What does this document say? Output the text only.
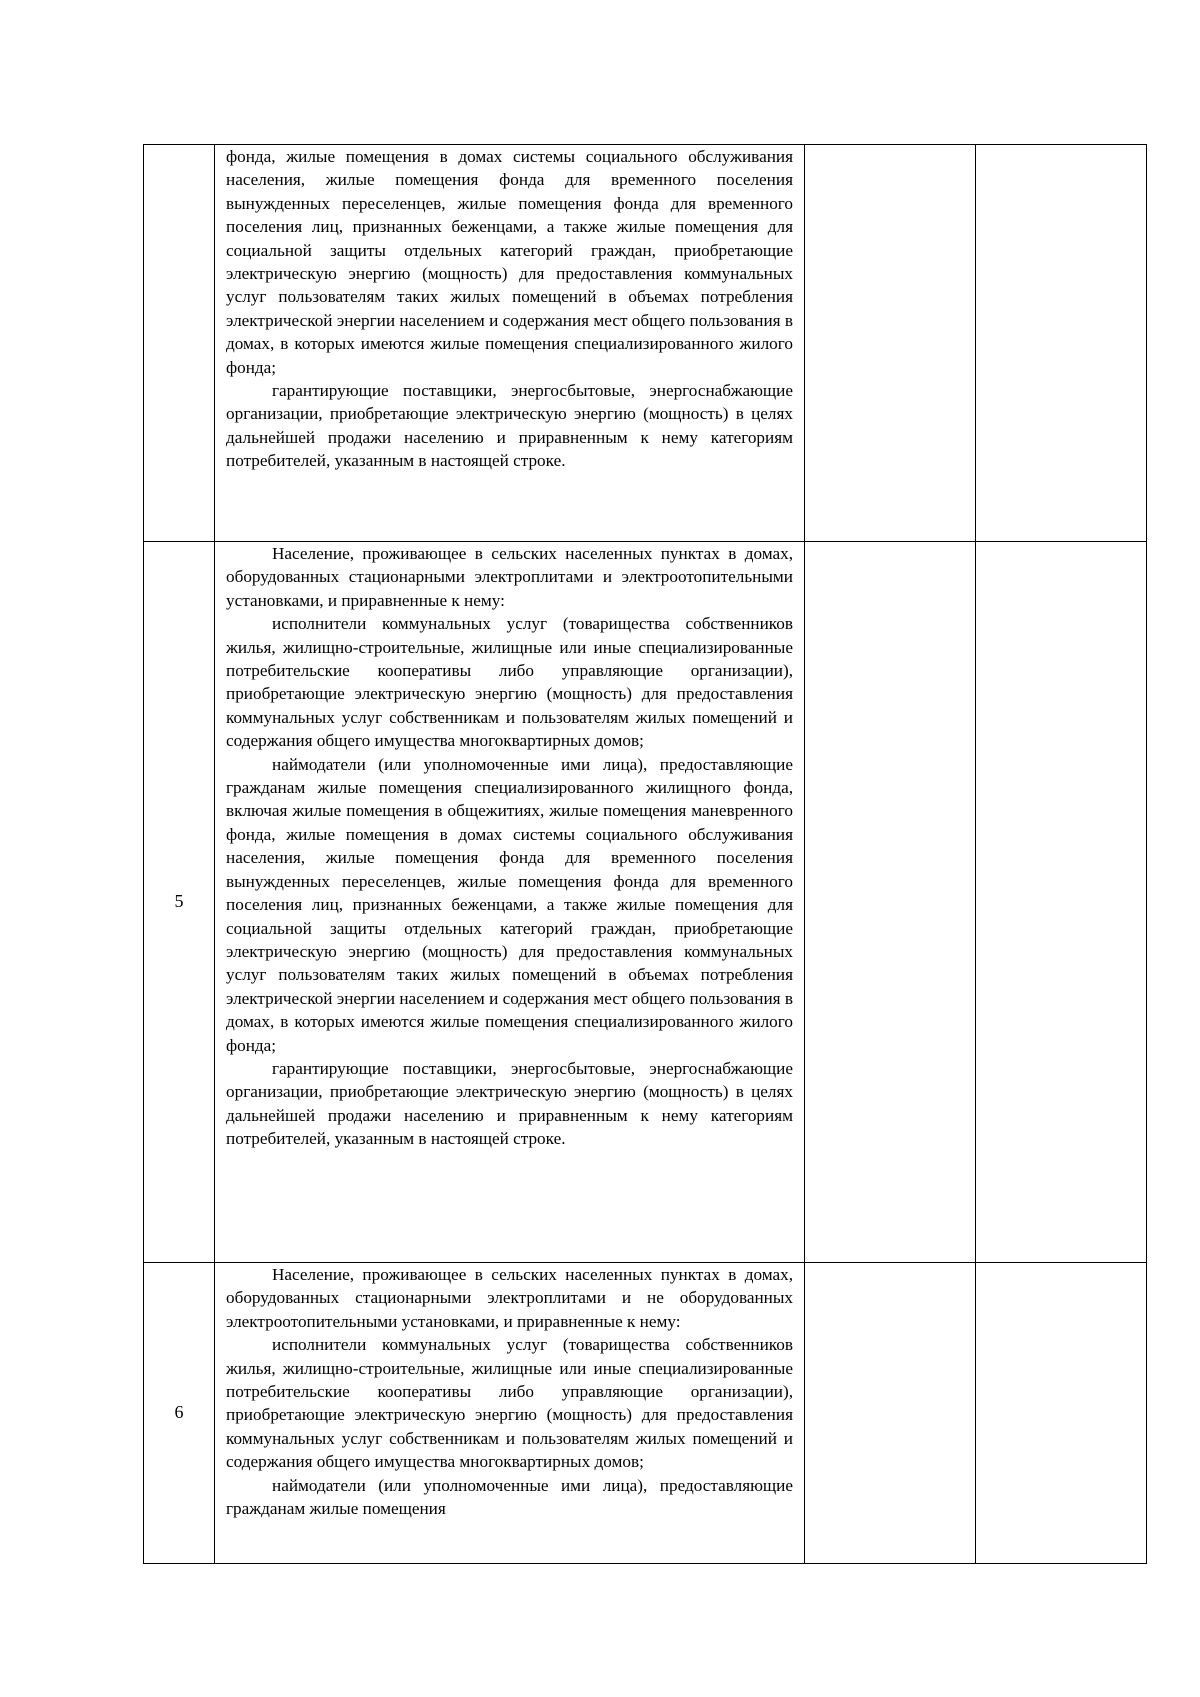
	фонда, жилые помещения в домах системы социального обслуживания населения, жилые помещения фонда для временного поселения вынужденных переселенцев, жилые помещения фонда для временного поселения лиц, признанных беженцами, а также жилые помещения для социальной защиты отдельных категорий граждан, приобретающие электрическую энергию (мощность) для предоставления коммунальных услуг пользователям таких жилых помещений в объемах потребления электрической энергии населением и содержания мест общего пользования в домах, в которых имеются жилые помещения специализированного жилого фонда;

гарантирующие поставщики, энергосбытовые, энергоснабжающие организации, приобретающие электрическую энергию (мощность) в целях дальнейшей продажи населению и приравненным к нему категориям потребителей, указанным в настоящей строке.		

5	Население, проживающее в сельских населенных пунктах в домах, оборудованных стационарными электроплитами и электроотопительными установками, и приравненные к нему:

исполнители коммунальных услуг (товарищества собственников жилья, жилищно-строительные, жилищные или иные специализированные потребительские кооперативы либо управляющие организации), приобретающие электрическую энергию (мощность) для предоставления коммунальных услуг собственникам и пользователям жилых помещений и содержания общего имущества многоквартирных домов;

наймодатели (или уполномоченные ими лица), предоставляющие гражданам жилые помещения специализированного жилищного фонда, включая жилые помещения в общежитиях, жилые помещения маневренного фонда, жилые помещения в домах системы социального обслуживания населения, жилые помещения фонда для временного поселения вынужденных переселенцев, жилые помещения фонда для временного поселения лиц, признанных беженцами, а также жилые помещения для социальной защиты отдельных категорий граждан, приобретающие электрическую энергию (мощность) для предоставления коммунальных услуг пользователям таких жилых помещений в объемах потребления электрической энергии населением и содержания мест общего пользования в домах, в которых имеются жилые помещения специализированного жилого фонда;

гарантирующие поставщики, энергосбытовые, энергоснабжающие организации, приобретающие электрическую энергию (мощность) в целях дальнейшей продажи населению и приравненным к нему категориям потребителей, указанным в настоящей строке.		

6	Население, проживающее в сельских населенных пунктах в домах, оборудованных стационарными электроплитами и не оборудованных электроотопительными установками, и приравненные к нему:

исполнители коммунальных услуг (товарищества собственников жилья, жилищно-строительные, жилищные или иные специализированные потребительские кооперативы либо управляющие организации), приобретающие электрическую энергию (мощность) для предоставления коммунальных услуг собственникам и пользователям жилых помещений и содержания общего имущества многоквартирных домов;

наймодатели (или уполномоченные ими лица), предоставляющие гражданам жилые помещения		
